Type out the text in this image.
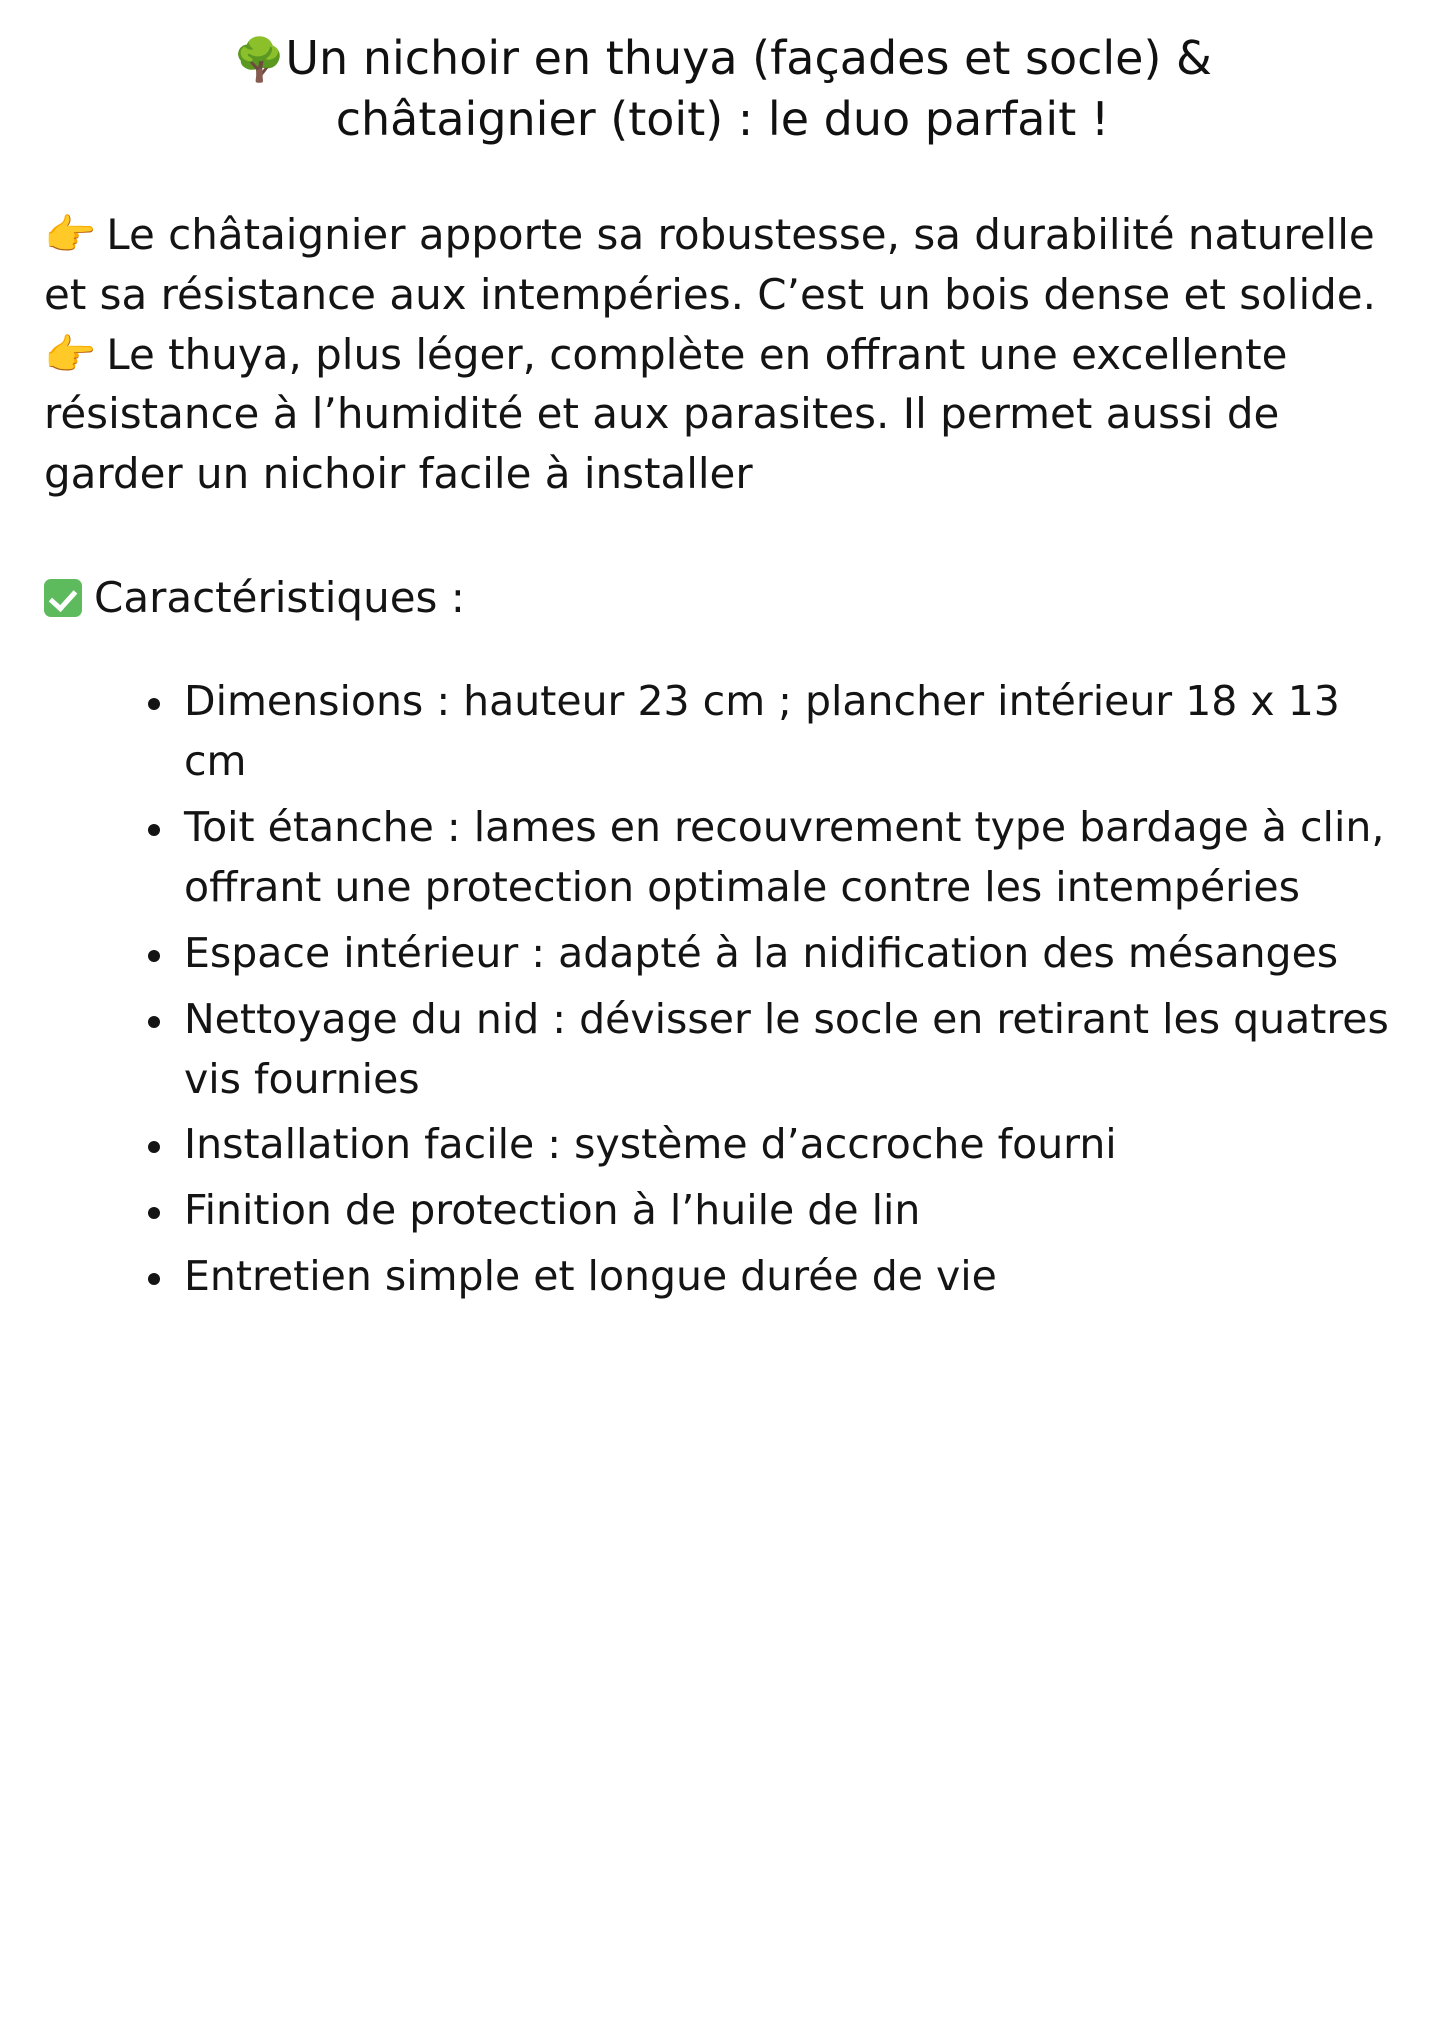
🌳Un nichoir en thuya (façades et socle) & châtaignier (toit) : le duo parfait !

👉 Le châtaignier apporte sa robustesse, sa durabilité naturelle et sa résistance aux intempéries. C’est un bois dense et solide.

👉 Le thuya, plus léger, complète en offrant une excellente résistance à l’humidité et aux parasites. Il permet aussi de garder un nichoir facile à installer

Caractéristiques :
Dimensions : hauteur 23 cm ; plancher intérieur 18 x 13 cm
Toit étanche : lames en recouvrement type bardage à clin, offrant une protection optimale contre les intempéries
Espace intérieur : adapté à la nidification des mésanges
Nettoyage du nid : dévisser le socle en retirant les quatres vis fournies
Installation facile : système d’accroche fourni
Finition de protection à l’huile de lin
Entretien simple et longue durée de vie
